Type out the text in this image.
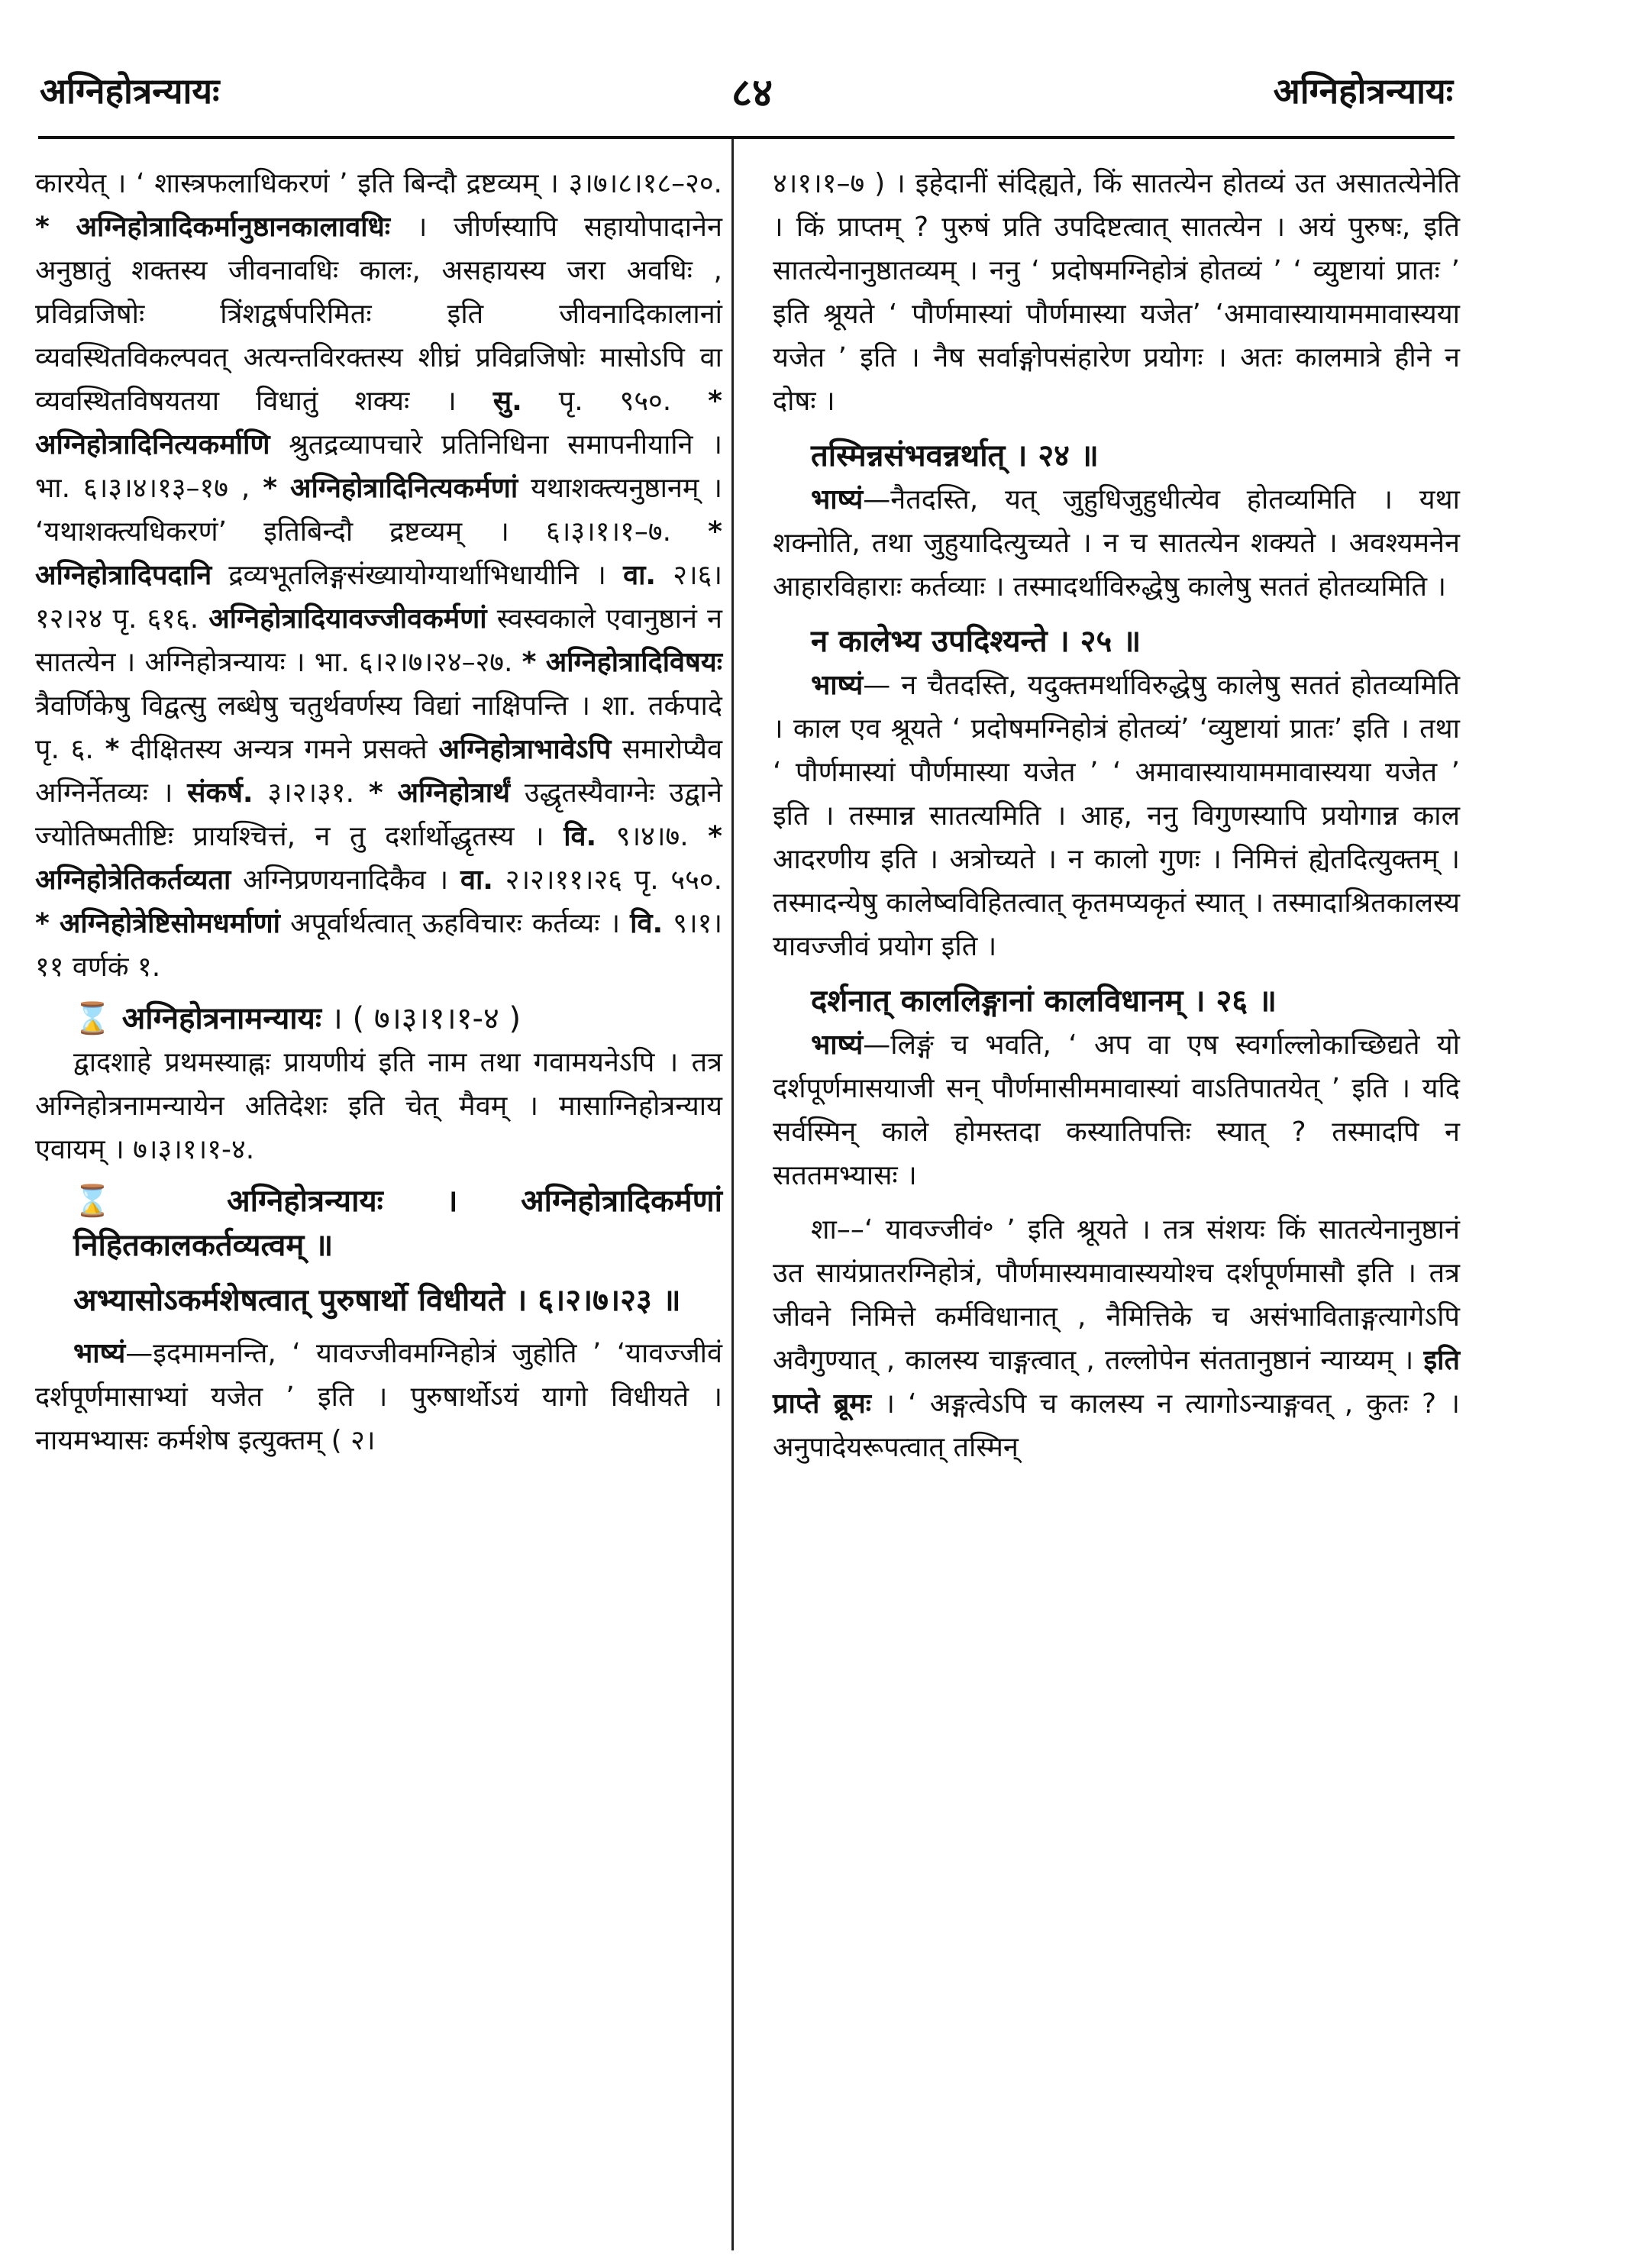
अग्निहोत्रन्यायः	८४	अग्निहोत्रन्यायः

कारयेत् । ‘ शास्त्रफलाधिकरणं ’ इति बिन्दौ द्रष्टव्यम् । ३।७।८।१८–२०. * अग्निहोत्रादिकर्मानुष्ठानकालावधिः । जीर्णस्यापि सहायोपादानेन अनुष्ठातुं शक्तस्य जीवनावधिः कालः, असहायस्य जरा अवधिः , प्रविव्रजिषोः त्रिंशद्वर्षपरिमितः इति जीवनादिकालानां व्यवस्थितविकल्पवत् अत्यन्तविरक्तस्य शीघ्रं प्रविव्रजिषोः मासोऽपि वा व्यवस्थितविषयतया विधातुं शक्यः । सु. पृ. ९५०. * अग्निहोत्रादिनित्यकर्माणि श्रुतद्रव्यापचारे प्रतिनिधिना समापनीयानि । भा. ६।३।४।१३–१७ , * अग्निहोत्रादिनित्यकर्मणां यथाशक्त्यनुष्ठानम् । ‘यथाशक्त्यधिकरणं’ इतिबिन्दौ द्रष्टव्यम् । ६।३।१।१–७. * अग्निहोत्रादिपदानि द्रव्यभूतलिङ्गसंख्यायोग्यार्थाभिधायीनि । वा. २।६।१२।२४ पृ. ६१६. अग्निहोत्रादियावज्जीवकर्मणां स्वस्वकाले एवानुष्ठानं न सातत्येन । अग्निहोत्रन्यायः । भा. ६।२।७।२४–२७. * अग्निहोत्रादिविषयः त्रैवर्णिकेषु विद्वत्सु लब्धेषु चतुर्थवर्णस्य विद्यां नाक्षिपन्ति । शा. तर्कपादे पृ. ६. * दीक्षितस्य अन्यत्र गमने प्रसक्ते अग्निहोत्राभावेऽपि समारोप्यैव अग्निर्नेतव्यः । संकर्ष. ३।२।३१. * अग्निहोत्रार्थं उद्धृतस्यैवाग्नेः उद्वाने ज्योतिष्मतीष्टिः प्रायश्चित्तं, न तु दर्शार्थोद्धृतस्य । वि. ९।४।७. * अग्निहोत्रेतिकर्तव्यता अग्निप्रणयनादिकैव । वा. २।२।११।२६ पृ. ५५०. * अग्निहोत्रेष्टिसोमधर्माणां अपूर्वार्थत्वात् ऊहविचारः कर्तव्यः । वि. ९।१।११ वर्णकं १.

⌛ अग्निहोत्रनामन्यायः । ( ७।३।१।१-४ )

द्वादशाहे प्रथमस्याह्नः प्रायणीयं इति नाम तथा गवामयनेऽपि । तत्र अग्निहोत्रनामन्यायेन अतिदेशः इति चेत् मैवम् । मासाग्निहोत्रन्याय एवायम् । ७।३।१।१-४.

⌛ अग्निहोत्रन्यायः । अग्निहोत्रादिकर्मणां निहितकालकर्तव्यत्वम् ॥

अभ्यासोऽकर्मशेषत्वात् पुरुषार्थो विधीयते । ६।२।७।२३ ॥

भाष्यं—इदमामनन्ति, ‘ यावज्जीवमग्निहोत्रं जुहोति ’ ‘यावज्जीवं दर्शपूर्णमासाभ्यां यजेत ’ इति । पुरुषार्थोऽयं यागो विधीयते । नायमभ्यासः कर्मशेष इत्युक्तम् ( २।

४।१।१–७ ) । इहेदानीं संदिह्यते, किं सातत्येन होतव्यं उत असातत्येनेति । किं प्राप्तम् ? पुरुषं प्रति उपदिष्टत्वात् सातत्येन । अयं पुरुषः, इति सातत्येनानुष्ठातव्यम् । ननु ‘ प्रदोषमग्निहोत्रं होतव्यं ’ ‘ व्युष्टायां प्रातः ’ इति श्रूयते ‘ पौर्णमास्यां पौर्णमास्या यजेत’ ‘अमावास्यायाममावास्यया यजेत ’ इति । नैष सर्वाङ्गोपसंहारेण प्रयोगः । अतः कालमात्रे हीने न दोषः ।

तस्मिन्नसंभवन्नर्थात् । २४ ॥

भाष्यं—नैतदस्ति, यत् जुहुधिजुहुधीत्येव होतव्यमिति । यथा शक्नोति, तथा जुहुयादित्युच्यते । न च सातत्येन शक्यते । अवश्यमनेन आहारविहाराः कर्तव्याः । तस्मादर्थाविरुद्धेषु कालेषु सततं होतव्यमिति ।

न कालेभ्य उपदिश्यन्ते । २५ ॥

भाष्यं— न चैतदस्ति, यदुक्तमर्थाविरुद्धेषु कालेषु सततं होतव्यमिति । काल एव श्रूयते ‘ प्रदोषमग्निहोत्रं होतव्यं’ ‘व्युष्टायां प्रातः’ इति । तथा ‘ पौर्णमास्यां पौर्णमास्या यजेत ’ ‘ अमावास्यायाममावास्यया यजेत ’ इति । तस्मान्न सातत्यमिति । आह, ननु विगुणस्यापि प्रयोगान्न काल आदरणीय इति । अत्रोच्यते । न कालो गुणः । निमित्तं ह्येतदित्युक्तम् । तस्मादन्येषु कालेष्वविहितत्वात् कृतमप्यकृतं स्यात् । तस्मादाश्रितकालस्य यावज्जीवं प्रयोग इति ।

दर्शनात् काललिङ्गानां कालविधानम् । २६ ॥

भाष्यं—लिङ्गं च भवति, ‘ अप वा एष स्वर्गाल्लोकाच्छिद्यते यो दर्शपूर्णमासयाजी सन् पौर्णमासीममावास्यां वाऽतिपातयेत् ’ इति । यदि सर्वस्मिन् काले होमस्तदा कस्यातिपत्तिः स्यात् ? तस्मादपि न सततमभ्यासः ।

शा––‘ यावज्जीवं॰ ’ इति श्रूयते । तत्र संशयः किं सातत्येनानुष्ठानं उत सायंप्रातरग्निहोत्रं, पौर्णमास्यमावास्ययोश्च दर्शपूर्णमासौ इति । तत्र जीवने निमित्ते कर्मविधानात् , नैमित्तिके च असंभाविताङ्गत्यागेऽपि अवैगुण्यात् , कालस्य चाङ्गत्वात् , तल्लोपेन संततानुष्ठानं न्याय्यम् । इति प्राप्ते ब्रूमः । ‘ अङ्गत्वेऽपि च कालस्य न त्यागोऽन्याङ्गवत् , कुतः ? । अनुपादेयरूपत्वात् तस्मिन्
